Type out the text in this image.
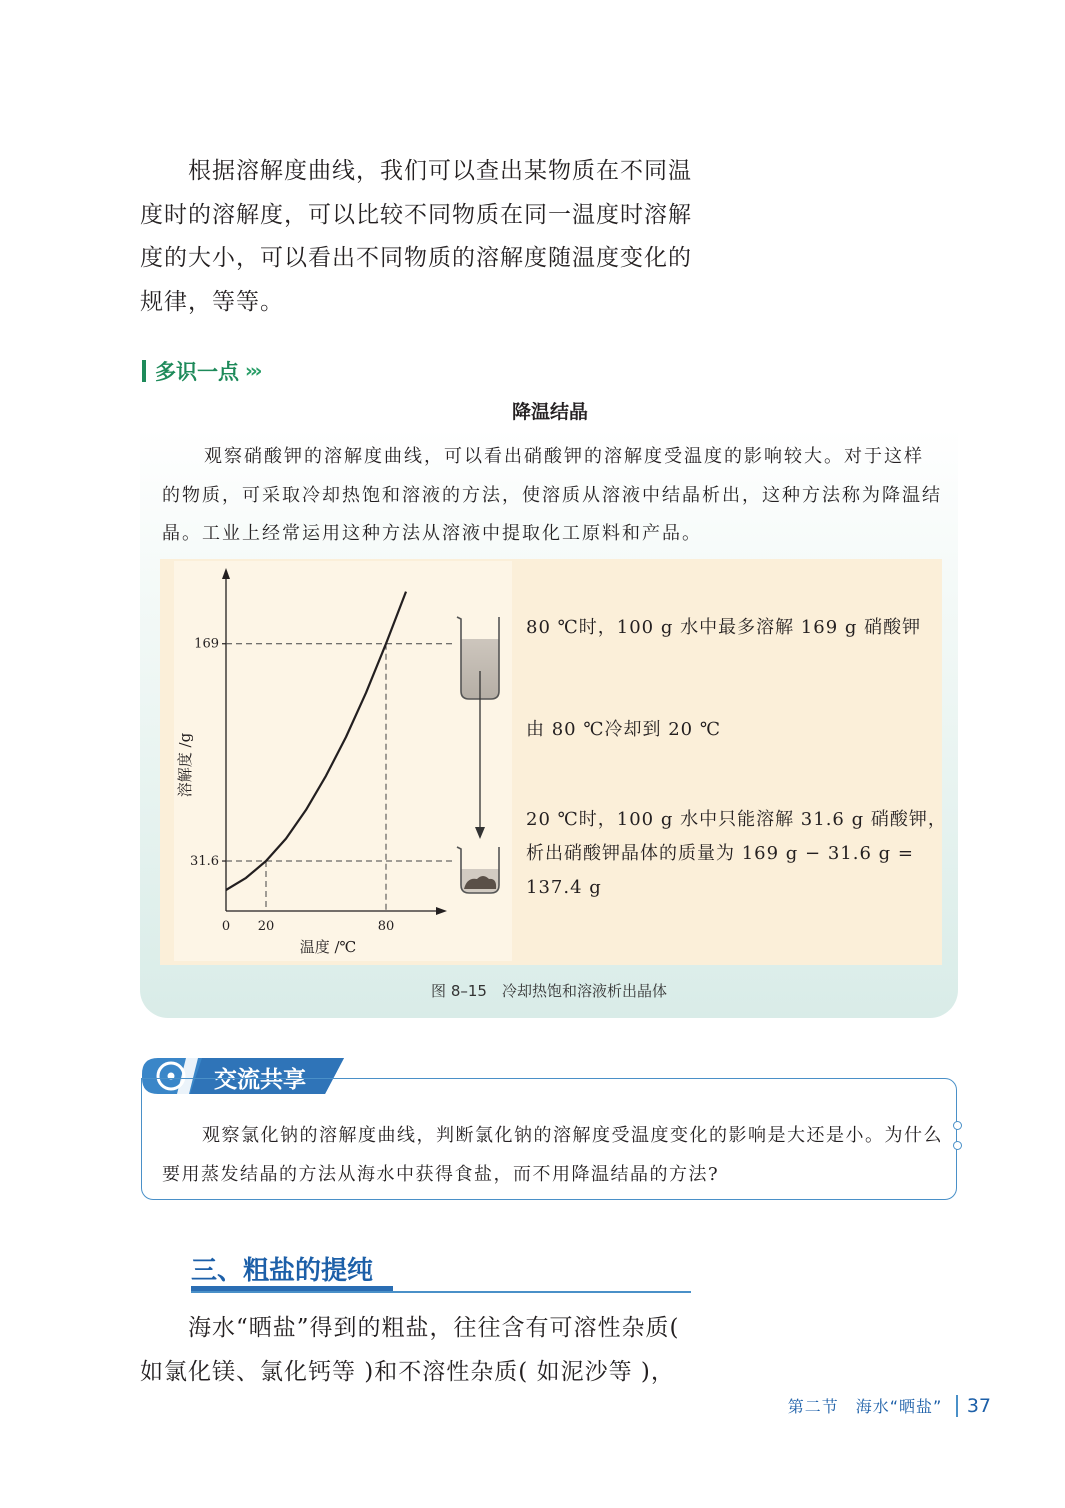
根据溶解度曲线，我们可以查出某物质在不同温度时的溶解度，可以比较不同物质在同一温度时溶解度的大小，可以看出不同物质的溶解度随温度变化的规律，等等。

多识一点 ›››
降温结晶

观察硝酸钾的溶解度曲线，可以看出硝酸钾的溶解度受温度的影响较大。对于这样的物质，可采取冷却热饱和溶液的方法，使溶质从溶液中结晶析出，这种方法称为降温结晶。工业上经常运用这种方法从溶液中提取化工原料和产品。

0 20	80
31.6
169
溶解度 /g
温度 /℃
80 ℃时，100 g 水中最多溶解 169 g 硝酸钾
由 80 ℃冷却到 20 ℃
20 ℃时，100 g 水中只能溶解 31.6 g 硝酸钾，
析出硝酸钾晶体的质量为 169 g − 31.6 g =
137.4 g
图 8–15　冷却热饱和溶液析出晶体
交流共享

观察氯化钠的溶解度曲线，判断氯化钠的溶解度受温度变化的影响是大还是小。为什么要用蒸发结晶的方法从海水中获得食盐，而不用降温结晶的方法?

三、粗盐的提纯

海水“晒盐”得到的粗盐，往往含有可溶性杂质( 如氯化镁、氯化钙等 )和不溶性杂质( 如泥沙等 )，

第二节　海水“晒盐” 37
